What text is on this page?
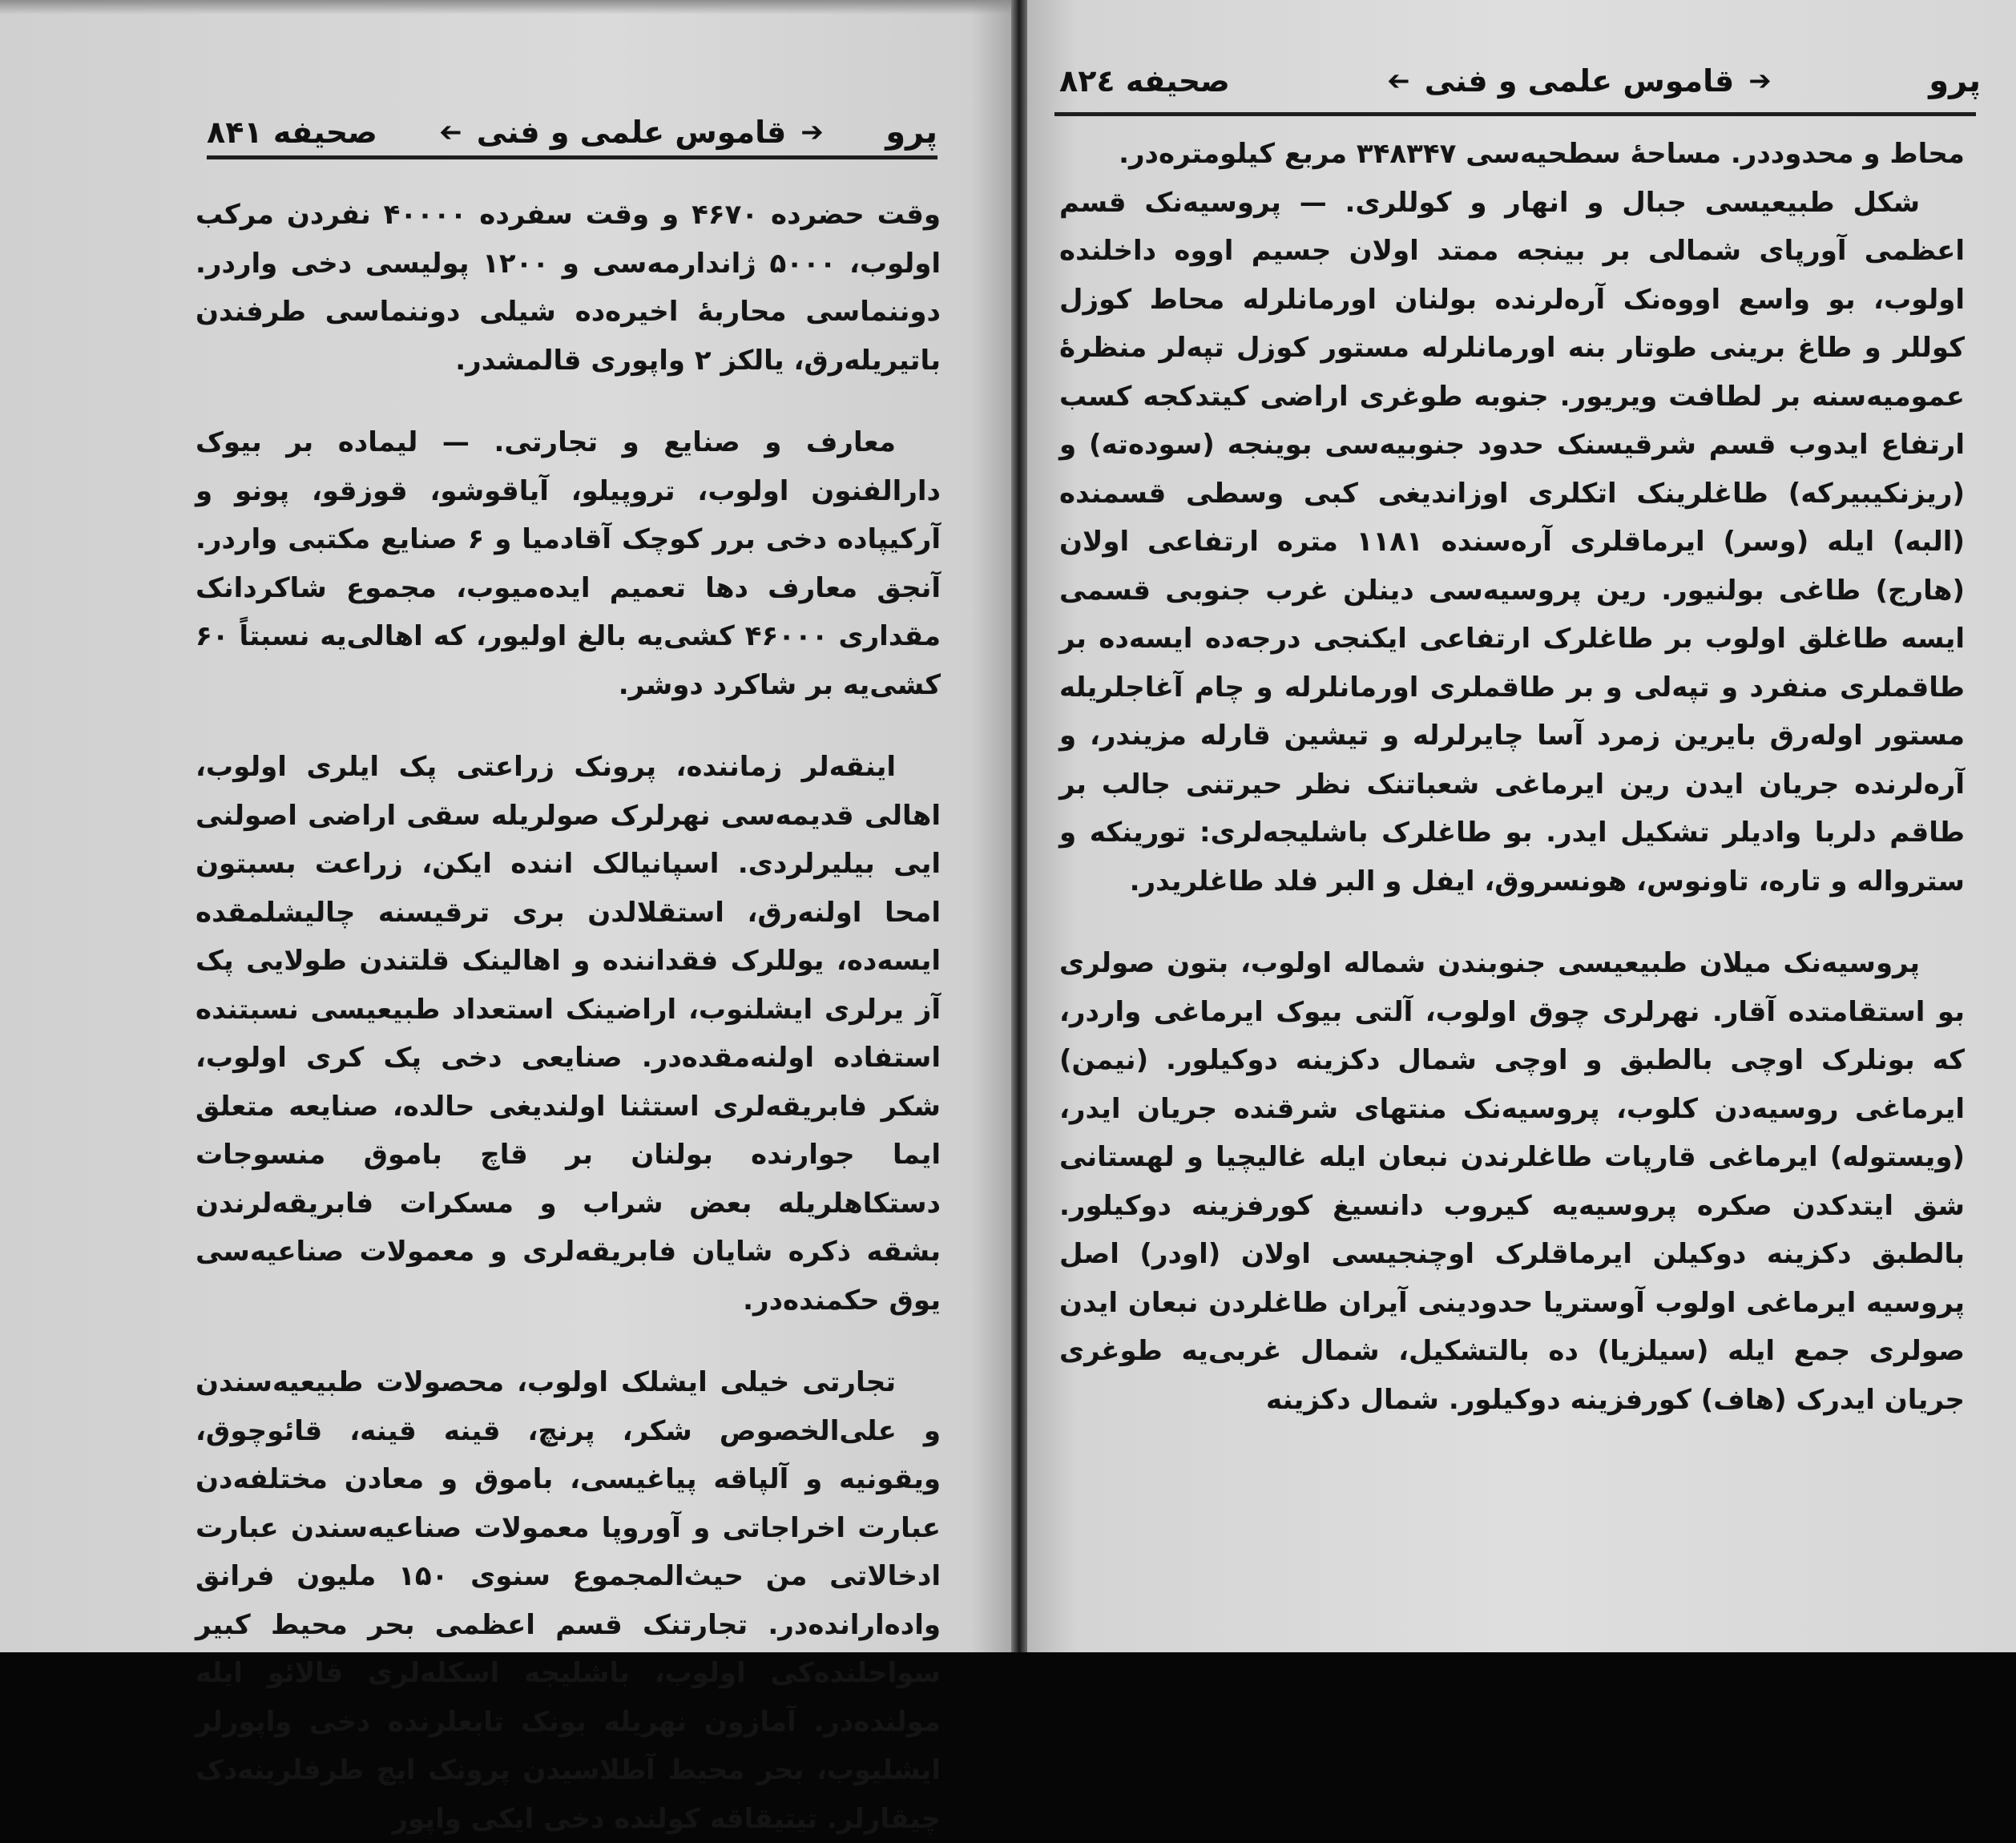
پرو
➔
قاموس علمی و فنی
➔
صحیفه ۸۴۱

وقت حضرده ۴۶۷۰ و وقت سفرده ۴۰۰۰۰ نفردن مرکب اولوب، ۵۰۰۰ ژاندارمه‌سی و ۱۲۰۰ پولیسی دخی واردر. دوننماسی محاربهٔ اخیره‌ده شیلی دوننماسی طرفندن باتیریله‌رق، یالکز ۲ واپوری قالمشدر.

معارف و صنایع و تجارتی. — لیماده بر بیوک دارالفنون اولوب، تروپیلو، آیاقوشو، قوزقو، پونو و آرکیپاده دخی برر کوچک آقادمیا و ۶ صنایع مکتبی واردر. آنجق معارف دها تعمیم ایده‌میوب، مجموع شاکردانک مقداری ۴۶۰۰۰ کشی‌یه بالغ اولیور، که اهالی‌یه نسبتاً ۶۰ کشی‌یه بر شاکرد دوشر.

اینقه‌لر زماننده، پرونک زراعتی پک ایلری اولوب، اهالی قدیمه‌سی نهرلرک صولریله سقی اراضی اصولنی ایی بیلیرلردی. اسپانیالک اننده ایکن، زراعت بسبتون امحا اولنه‌رق، استقلالدن بری ترقیسنه چالیشلمقده ایسه‌ده، یوللرک فقداننده و اهالینک قلتندن طولایی پک آز یرلری ایشلنوب، اراضینک استعداد طبیعیسی نسبتنده استفاده اولنه‌مقده‌در. صنایعی دخی پک کری اولوب، شکر فابریقه‌لری استثنا اولندیغی حالده، صنایعه متعلق ایما جوارنده بولنان بر قاچ باموق منسوجات دستکاهلریله بعض شراب و مسکرات فابریقه‌لرندن بشقه ذکره شایان فابریقه‌لری و معمولات صناعیه‌سی یوق حکمنده‌در.

تجارتی خیلی ایشلک اولوب، محصولات طبیعیه‌سندن و علی‌الخصوص شکر، پرنچ، قینه قینه، قائوچوق، ویقونیه و آلپاقه پیاغیسی، باموق و معادن مختلفه‌دن عبارت اخراجاتی و آوروپا معمولات صناعیه‌سندن عبارت ادخالاتی من حیث‌المجموع سنوی ۱۵۰ ملیون فرانق واده‌ارانده‌در. تجارتنک قسم اعظمی بحر محیط کبیر سواحلنده‌کی اولوب، باشلیجه اسکله‌لری قالائو ایله مولنده‌در. آمازون نهریله بونک تابعلرنده دخی واپورلر ایشلیوب، بحر محیط آطلاسیدن پرونک ایچ طرفلرینه‌دک چیقارلر. تیتیقاقه کولنده دخی ایکی واپور

پرو
➔
قاموس علمی و فنی
➔
صحیفه ۸۲٤

محاط و محدوددر. مساحهٔ سطحیه‌سی ۳۴۸۳۴۷ مربع کیلومتره‌در.

شکل طبیعیسی جبال و انهار و کوللری. — پروسیه‌نک قسم اعظمی آورپای شمالی بر بینجه ممتد اولان جسیم اووه داخلنده اولوب، بو واسع اووه‌نک آره‌لرنده بولنان اورمانلرله محاط کوزل کوللر و طاغ برینی طوتار بنه اورمانلرله مستور کوزل تپه‌لر منظرهٔ عمومیه‌سنه بر لطافت ویریور. جنوبه طوغری اراضی کیتدکجه کسب ارتفاع ایدوب قسم شرقیسنک حدود جنوبیه‌سی بوینجه (سوده‌ته) و (ریزنکیبیرکه) طاغلرینک اتکلری اوزاندیغی کبی وسطی قسمنده (البه) ایله (وسر) ایرماقلری آره‌سنده ۱۱۸۱ متره ارتفاعی اولان (هارج) طاغی بولنیور. رین پروسیه‌سی دینلن غرب جنوبی قسمی ایسه طاغلق اولوب بر طاغلرک ارتفاعی ایکنجی درجه‌ده ایسه‌ده بر طاقملری منفرد و تپه‌لی و بر طاقملری اورمانلرله و چام آغاجلریله مستور اوله‌رق بایرین زمرد آسا چایرلرله و تیشین قارله مزیندر، و آره‌لرنده جریان ایدن رین ایرماغی شعباتنک نظر حیرتنی جالب بر طاقم دلربا وادیلر تشکیل ایدر. بو طاغلرک باشلیجه‌لری: تورینکه و سترواله و تاره، تاونوس، هونسروق، ایفل و البر فلد طاغلریدر.

پروسیه‌نک میلان طبیعیسی جنوبندن شماله اولوب، بتون صولری بو استقامتده آقار. نهرلری چوق اولوب، آلتی بیوک ایرماغی واردر، که بونلرک اوچی بالطبق و اوچی شمال دکزینه دوکیلور. (نیمن) ایرماغی روسیه‌دن کلوب، پروسیه‌نک منتهای شرقنده جریان ایدر، (ویستوله) ایرماغی قارپات طاغلرندن نبعان ایله غالیچیا و لهستانی شق ایتدکدن صکره پروسیه‌یه کیروب دانسیغ کورفزینه دوکیلور. بالطبق دکزینه دوکیلن ایرماقلرک اوچنجیسی اولان (اودر) اصل پروسیه ایرماغی اولوب آوستریا حدودینی آیران طاغلردن نبعان ایدن صولری جمع ایله (سیلزیا) ده بالتشکیل، شمال غربی‌یه طوغری جریان ایدرک (هاف) کورفزینه دوکیلور. شمال دکزینه
